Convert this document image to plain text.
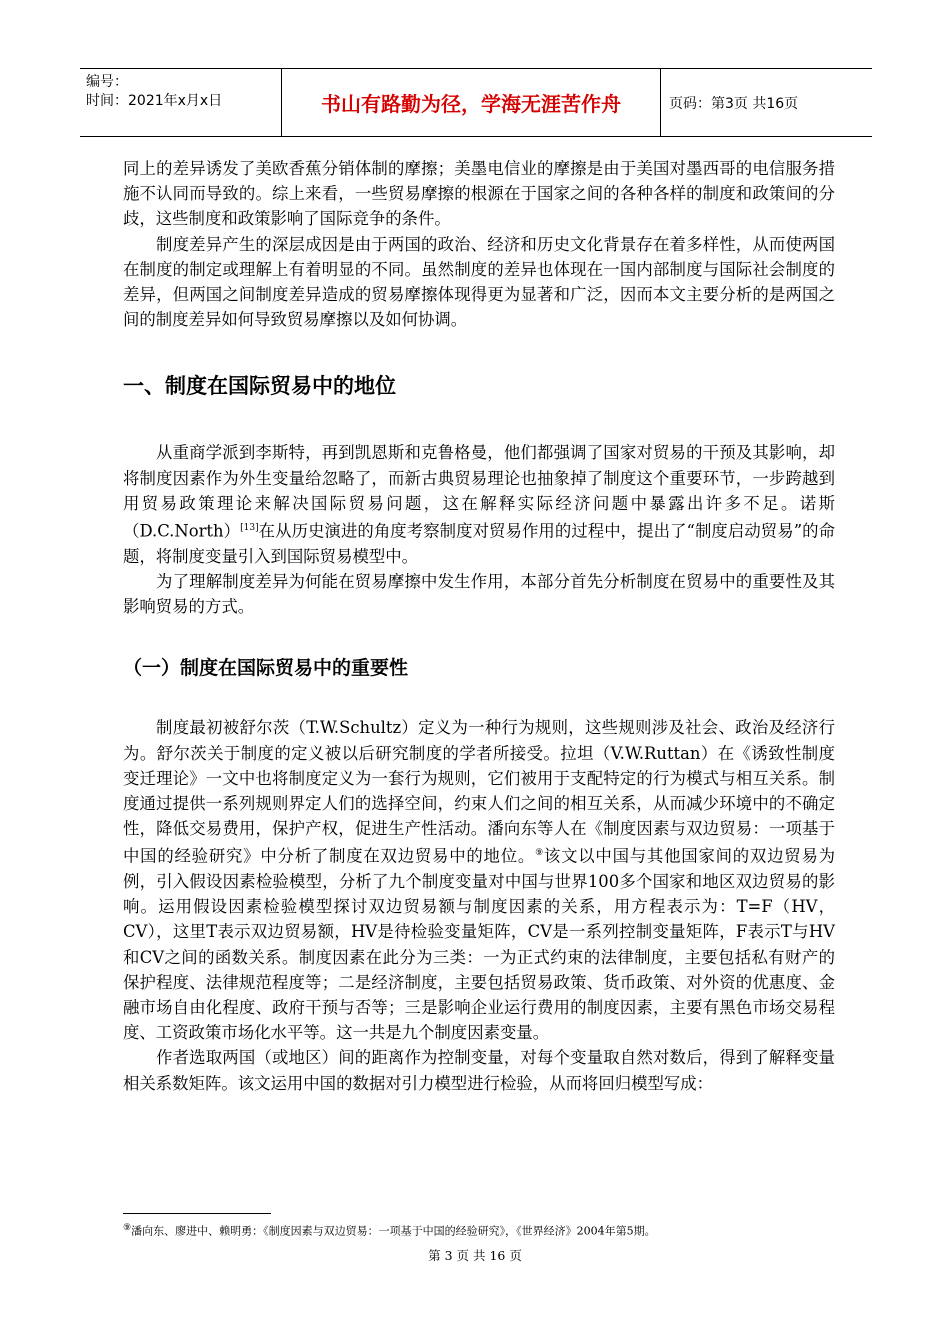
编号：
时间：2021年x月x日	书山有路勤为径，学海无涯苦作舟	页码：第3页 共16页

同上的差异诱发了美欧香蕉分销体制的摩擦；美墨电信业的摩擦是由于美国对墨西哥的电信服务措施不认同而导致的。综上来看，一些贸易摩擦的根源在于国家之间的各种各样的制度和政策间的分歧，这些制度和政策影响了国际竞争的条件。

制度差异产生的深层成因是由于两国的政治、经济和历史文化背景存在着多样性，从而使两国在制度的制定或理解上有着明显的不同。虽然制度的差异也体现在一国内部制度与国际社会制度的差异，但两国之间制度差异造成的贸易摩擦体现得更为显著和广泛，因而本文主要分析的是两国之间的制度差异如何导致贸易摩擦以及如何协调。

一、制度在国际贸易中的地位

从重商学派到李斯特，再到凯恩斯和克鲁格曼，他们都强调了国家对贸易的干预及其影响，却将制度因素作为外生变量给忽略了，而新古典贸易理论也抽象掉了制度这个重要环节，一步跨越到用贸易政策理论来解决国际贸易问题，这在解释实际经济问题中暴露出许多不足。诺斯（D.C.North）[13]在从历史演进的角度考察制度对贸易作用的过程中，提出了“制度启动贸易”的命题，将制度变量引入到国际贸易模型中。

为了理解制度差异为何能在贸易摩擦中发生作用，本部分首先分析制度在贸易中的重要性及其影响贸易的方式。

（一）制度在国际贸易中的重要性

制度最初被舒尔茨（T.W.Schultz）定义为一种行为规则，这些规则涉及社会、政治及经济行为。舒尔茨关于制度的定义被以后研究制度的学者所接受。拉坦（V.W.Ruttan）在《诱致性制度变迁理论》一文中也将制度定义为一套行为规则，它们被用于支配特定的行为模式与相互关系。制度通过提供一系列规则界定人们的选择空间，约束人们之间的相互关系，从而减少环境中的不确定性，降低交易费用，保护产权，促进生产性活动。潘向东等人在《制度因素与双边贸易：一项基于中国的经验研究》中分析了制度在双边贸易中的地位。⑨该文以中国与其他国家间的双边贸易为例，引入假设因素检验模型，分析了九个制度变量对中国与世界100多个国家和地区双边贸易的影响。运用假设因素检验模型探讨双边贸易额与制度因素的关系，用方程表示为：T=F（HV，CV），这里T表示双边贸易额，HV是待检验变量矩阵，CV是一系列控制变量矩阵，F表示T与HV和CV之间的函数关系。制度因素在此分为三类：一为正式约束的法律制度，主要包括私有财产的保护程度、法律规范程度等；二是经济制度，主要包括贸易政策、货币政策、对外资的优惠度、金融市场自由化程度、政府干预与否等；三是影响企业运行费用的制度因素，主要有黑色市场交易程度、工资政策市场化水平等。这一共是九个制度因素变量。

作者选取两国（或地区）间的距离作为控制变量，对每个变量取自然对数后，得到了解释变量相关系数矩阵。该文运用中国的数据对引力模型进行检验，从而将回归模型写成：

⑨潘向东、廖进中、赖明勇：《制度因素与双边贸易：一项基于中国的经验研究》，《世界经济》2004年第5期。
第 3 页 共 16 页
